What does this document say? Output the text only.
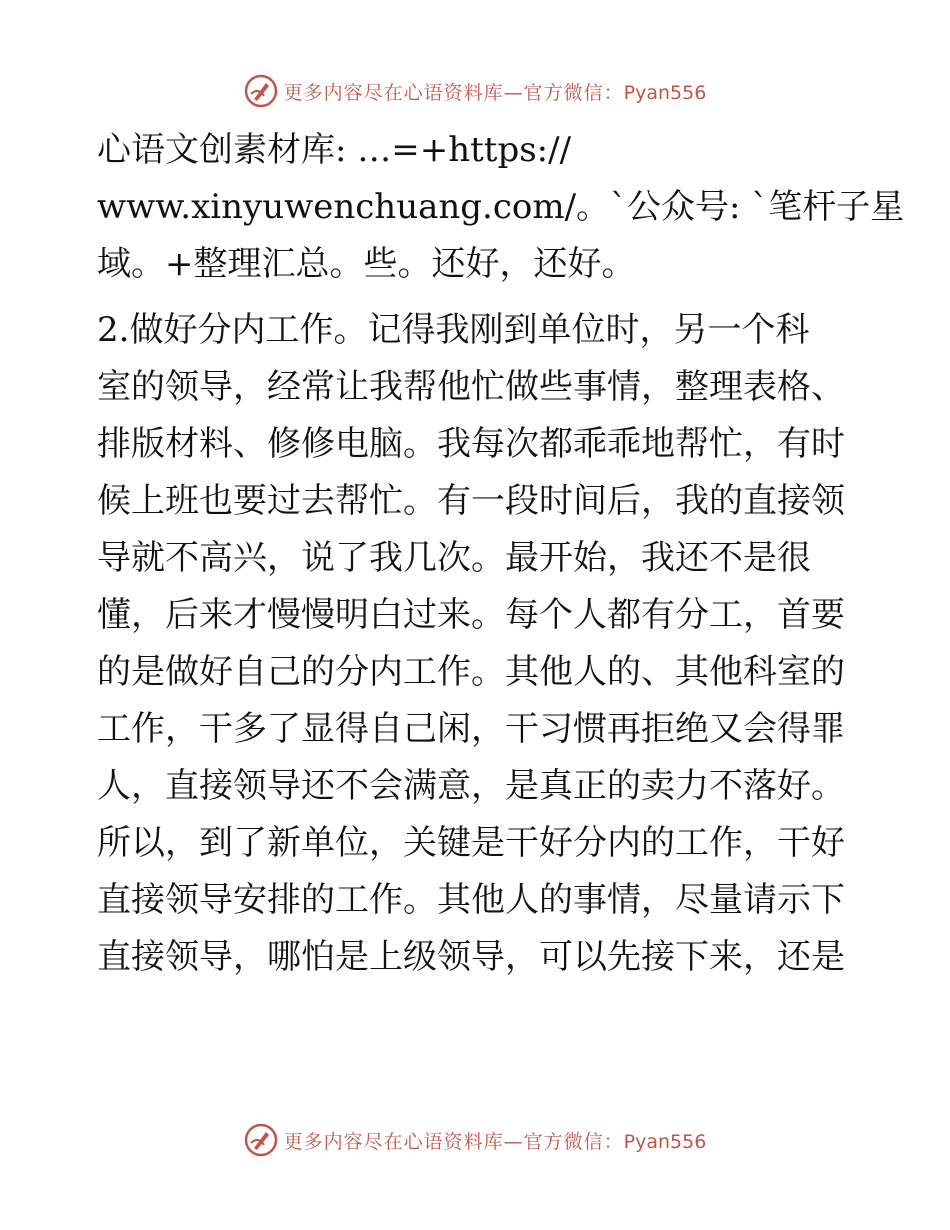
更多内容尽在心语资料库—官方微信：Pyan556
心语文创素材库: …=+https://
www.xinyuwenchuang.com/。`公众号: `笔杆子星
域。+整理汇总。些。还好，还好。
2.做好分内工作。记得我刚到单位时，另一个科
室的领导，经常让我帮他忙做些事情，整理表格、
排版材料、修修电脑。我每次都乖乖地帮忙，有时
候上班也要过去帮忙。有一段时间后，我的直接领
导就不高兴，说了我几次。最开始，我还不是很
懂，后来才慢慢明白过来。每个人都有分工，首要
的是做好自己的分内工作。其他人的、其他科室的
工作，干多了显得自己闲，干习惯再拒绝又会得罪
人，直接领导还不会满意，是真正的卖力不落好。
所以，到了新单位，关键是干好分内的工作，干好
直接领导安排的工作。其他人的事情，尽量请示下
直接领导，哪怕是上级领导，可以先接下来，还是
更多内容尽在心语资料库—官方微信：Pyan556
